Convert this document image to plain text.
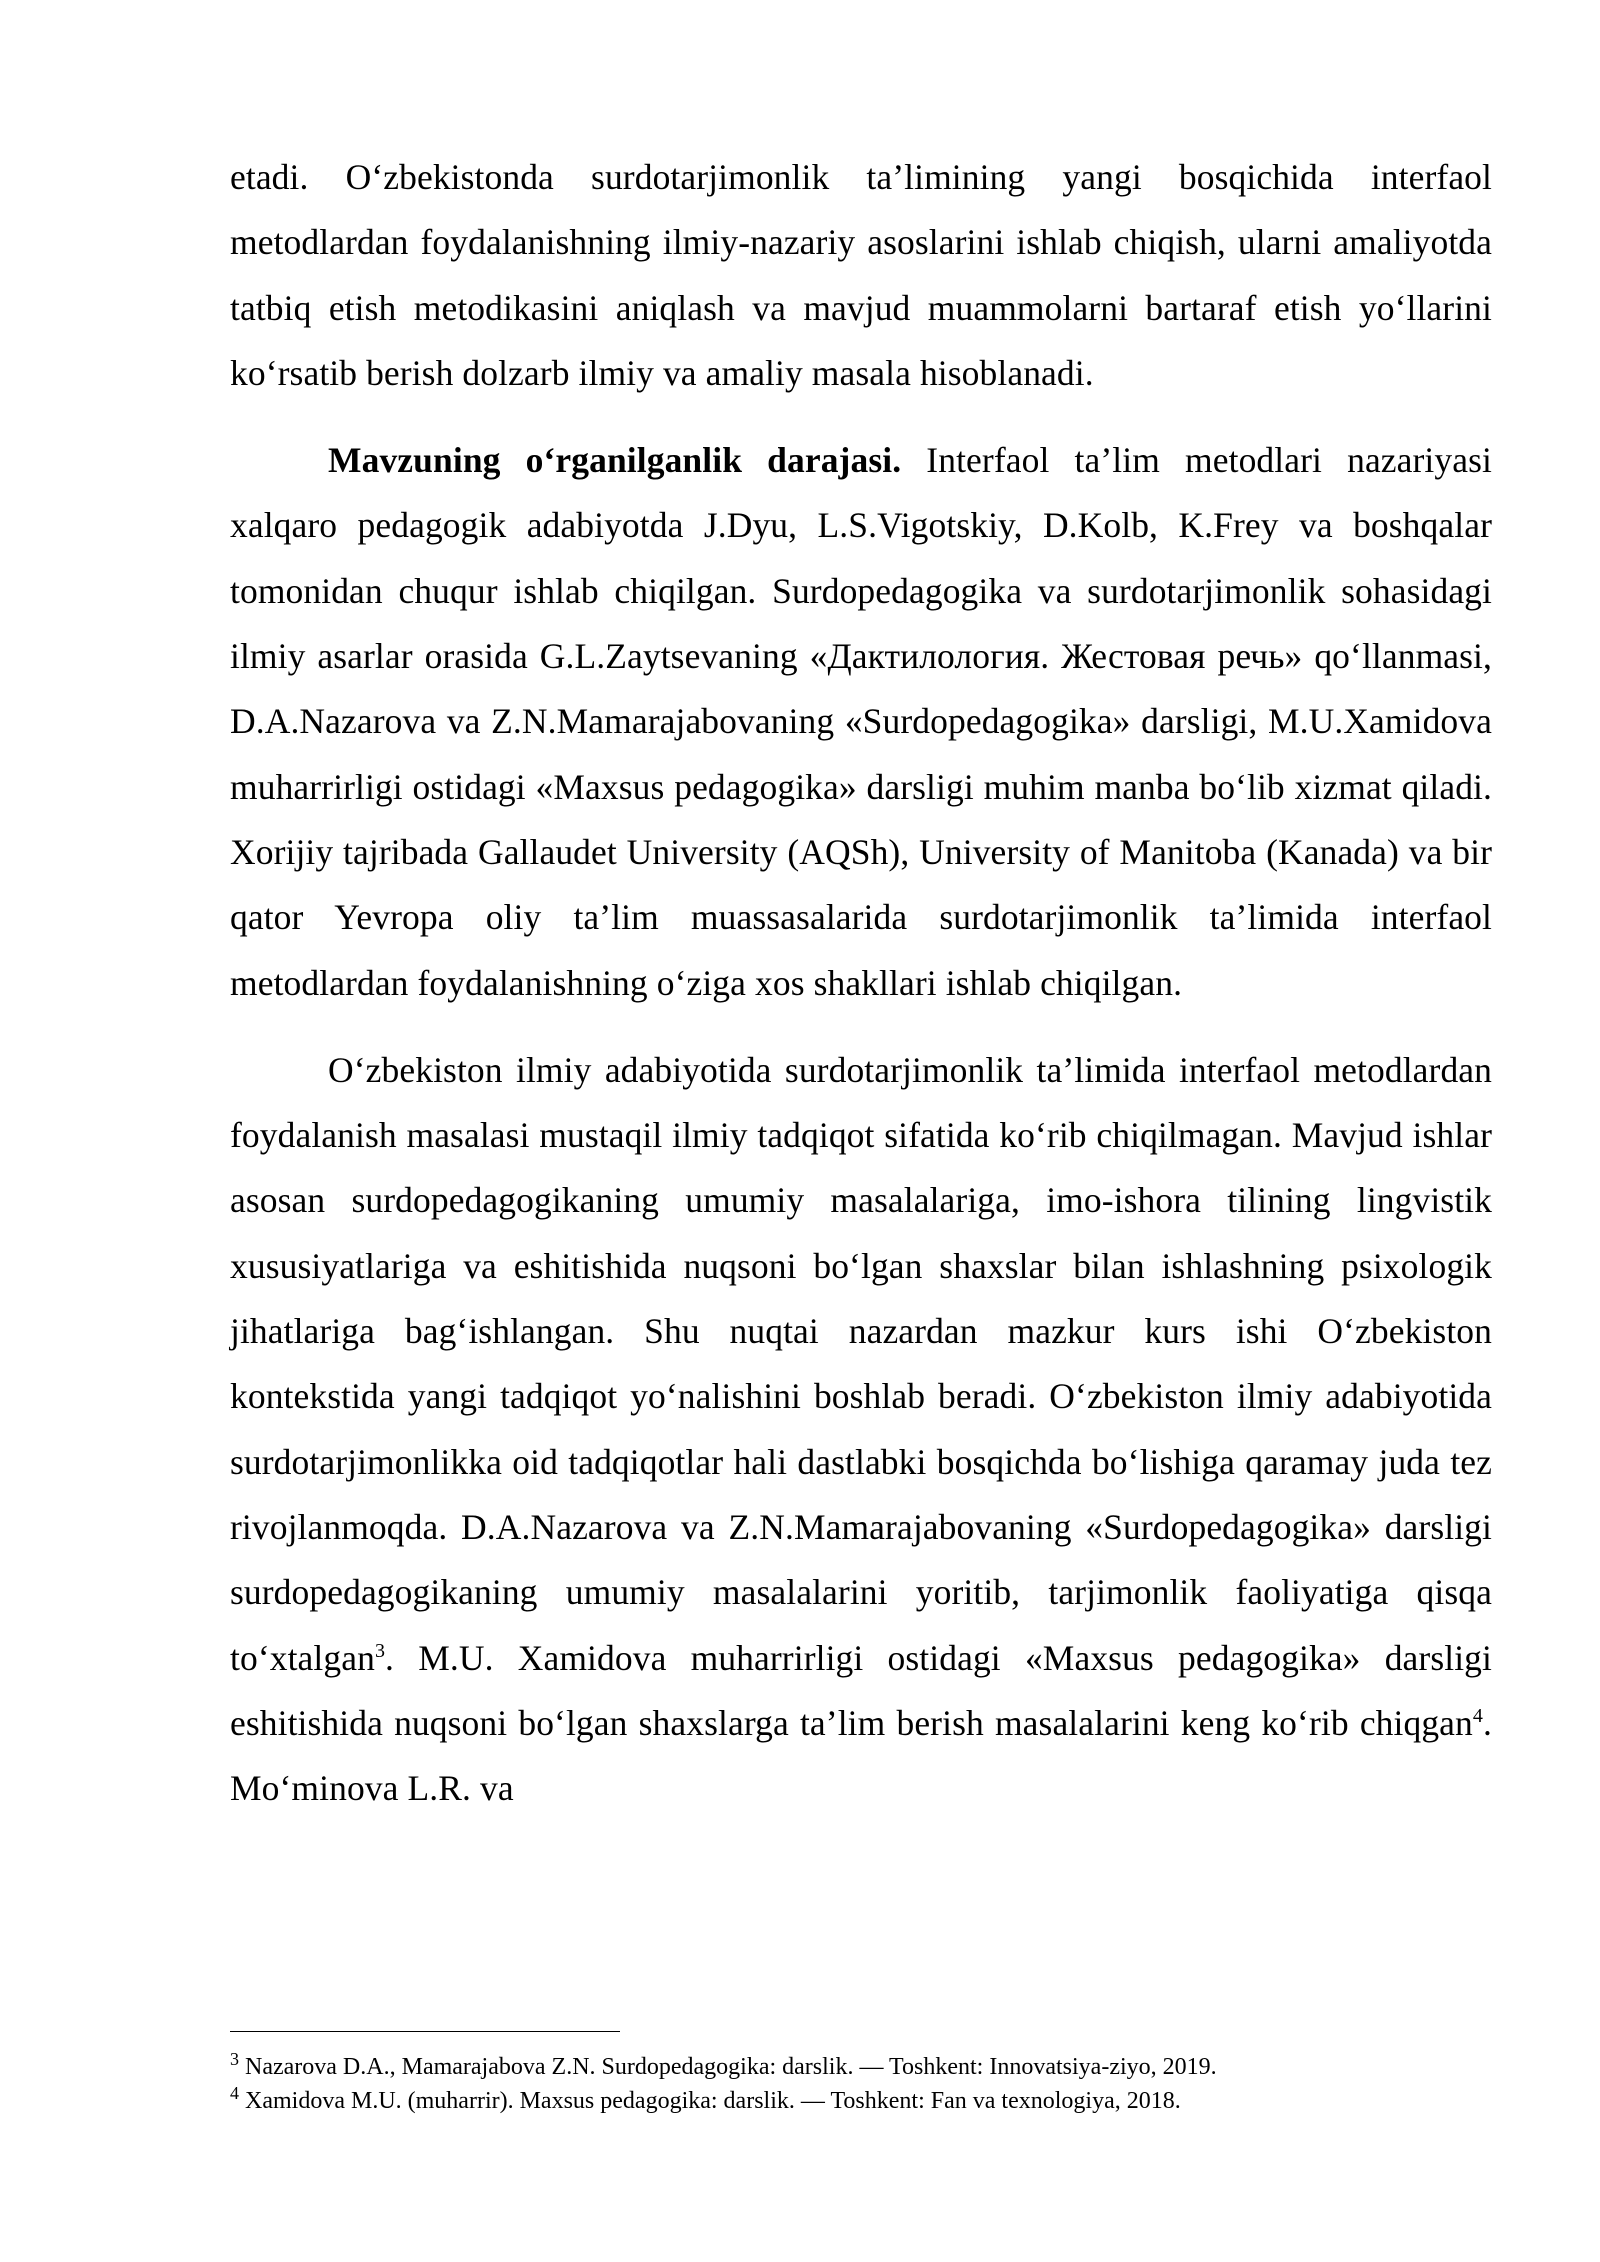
etadi. O‘zbekistonda surdotarjimonlik ta’limining yangi bosqichida interfaol metodlardan foydalanishning ilmiy-nazariy asoslarini ishlab chiqish, ularni amaliyotda tatbiq etish metodikasini aniqlash va mavjud muammolarni bartaraf etish yo‘llarini ko‘rsatib berish dolzarb ilmiy va amaliy masala hisoblanadi.

Mavzuning o‘rganilganlik darajasi. Interfaol ta’lim metodlari nazariyasi xalqaro pedagogik adabiyotda J.Dyu, L.S.Vigotskiy, D.Kolb, K.Frey va boshqalar tomonidan chuqur ishlab chiqilgan. Surdopedagogika va surdotarjimonlik sohasidagi ilmiy asarlar orasida G.L.Zaytsevaning «Дактилология. Жестовая речь» qo‘llanmasi, D.A.Nazarova va Z.N.Mamarajabovaning «Surdopedagogika» darsligi, M.U.Xamidova muharrirligi ostidagi «Maxsus pedagogika» darsligi muhim manba bo‘lib xizmat qiladi. Xorijiy tajribada Gallaudet University (AQSh), University of Manitoba (Kanada) va bir qator Yevropa oliy ta’lim muassasalarida surdotarjimonlik ta’limida interfaol metodlardan foydalanishning o‘ziga xos shakllari ishlab chiqilgan.

O‘zbekiston ilmiy adabiyotida surdotarjimonlik ta’limida interfaol metodlardan foydalanish masalasi mustaqil ilmiy tadqiqot sifatida ko‘rib chiqilmagan. Mavjud ishlar asosan surdopedagogikaning umumiy masalalariga, imo-ishora tilining lingvistik xususiyatlariga va eshitishida nuqsoni bo‘lgan shaxslar bilan ishlashning psixologik jihatlariga bag‘ishlangan. Shu nuqtai nazardan mazkur kurs ishi O‘zbekiston kontekstida yangi tadqiqot yo‘nalishini boshlab beradi. O‘zbekiston ilmiy adabiyotida surdotarjimonlikka oid tadqiqotlar hali dastlabki bosqichda bo‘lishiga qaramay juda tez rivojlanmoqda. D.A.Nazarova va Z.N.Mamarajabovaning «Surdopedagogika» darsligi surdopedagogikaning umumiy masalalarini yoritib, tarjimonlik faoliyatiga qisqa to‘xtalgan$^3$. M.U. Xamidova muharrirligi ostidagi «Maxsus pedagogika» darsligi eshitishida nuqsoni bo‘lgan shaxslarga ta’lim berish masalalarini keng ko‘rib chiqgan$^4$. Mo‘minova L.R. va

$^3$ Nazarova D.A., Mamarajabova Z.N. Surdopedagogika: darslik. — Toshkent: Innovatsiya-ziyo, 2019.

$^4$ Xamidova M.U. (muharrir). Maxsus pedagogika: darslik. — Toshkent: Fan va texnologiya, 2018.
